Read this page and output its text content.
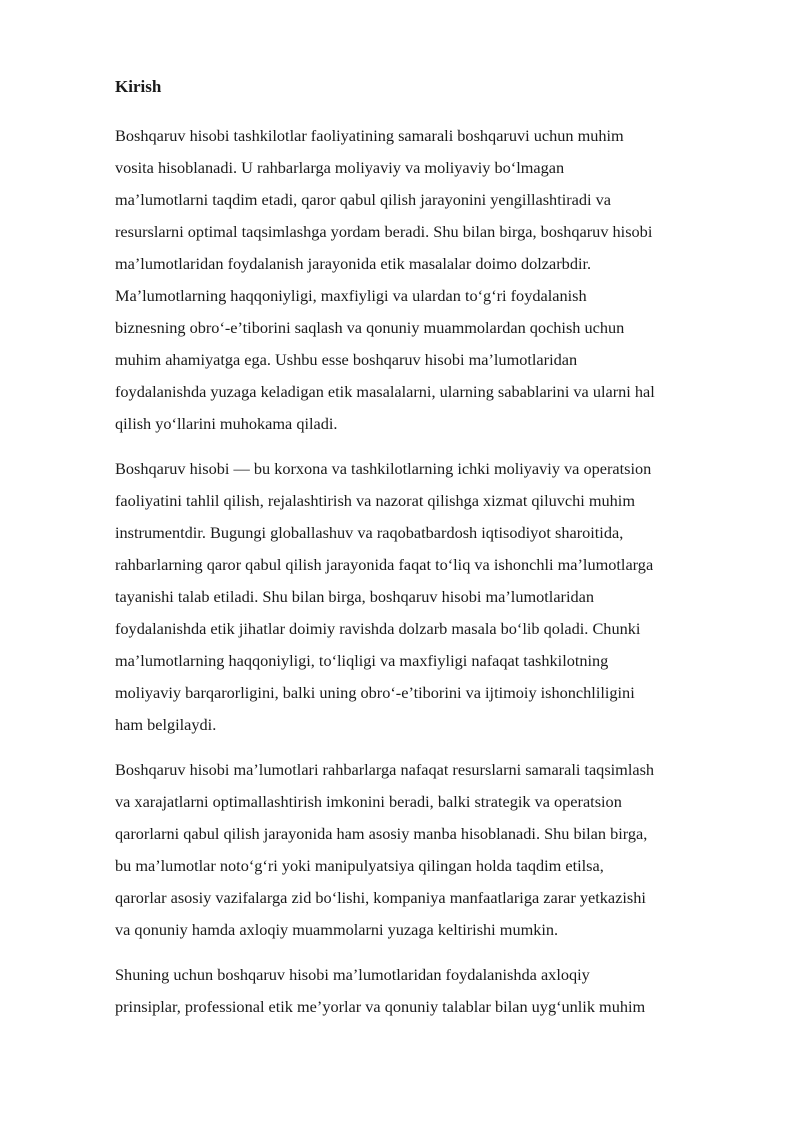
Kirish

Boshqaruv hisobi tashkilotlar faoliyatining samarali boshqaruvi uchun muhim
vosita hisoblanadi. U rahbarlarga moliyaviy va moliyaviy bo‘lmagan
ma’lumotlarni taqdim etadi, qaror qabul qilish jarayonini yengillashtiradi va
resurslarni optimal taqsimlashga yordam beradi. Shu bilan birga, boshqaruv hisobi
ma’lumotlaridan foydalanish jarayonida etik masalalar doimo dolzarbdir.
Ma’lumotlarning haqqoniyligi, maxfiyligi va ulardan to‘g‘ri foydalanish
biznesning obro‘-e’tiborini saqlash va qonuniy muammolardan qochish uchun
muhim ahamiyatga ega. Ushbu esse boshqaruv hisobi ma’lumotlaridan
foydalanishda yuzaga keladigan etik masalalarni, ularning sabablarini va ularni hal
qilish yo‘llarini muhokama qiladi.

Boshqaruv hisobi — bu korxona va tashkilotlarning ichki moliyaviy va operatsion
faoliyatini tahlil qilish, rejalashtirish va nazorat qilishga xizmat qiluvchi muhim
instrumentdir. Bugungi globallashuv va raqobatbardosh iqtisodiyot sharoitida,
rahbarlarning qaror qabul qilish jarayonida faqat to‘liq va ishonchli ma’lumotlarga
tayanishi talab etiladi. Shu bilan birga, boshqaruv hisobi ma’lumotlaridan
foydalanishda etik jihatlar doimiy ravishda dolzarb masala bo‘lib qoladi. Chunki
ma’lumotlarning haqqoniyligi, to‘liqligi va maxfiyligi nafaqat tashkilotning
moliyaviy barqarorligini, balki uning obro‘-e’tiborini va ijtimoiy ishonchliligini
ham belgilaydi.

Boshqaruv hisobi ma’lumotlari rahbarlarga nafaqat resurslarni samarali taqsimlash
va xarajatlarni optimallashtirish imkonini beradi, balki strategik va operatsion
qarorlarni qabul qilish jarayonida ham asosiy manba hisoblanadi. Shu bilan birga,
bu ma’lumotlar noto‘g‘ri yoki manipulyatsiya qilingan holda taqdim etilsa,
qarorlar asosiy vazifalarga zid bo‘lishi, kompaniya manfaatlariga zarar yetkazishi
va qonuniy hamda axloqiy muammolarni yuzaga keltirishi mumkin.

Shuning uchun boshqaruv hisobi ma’lumotlaridan foydalanishda axloqiy
prinsiplar, professional etik me’yorlar va qonuniy talablar bilan uyg‘unlik muhim
